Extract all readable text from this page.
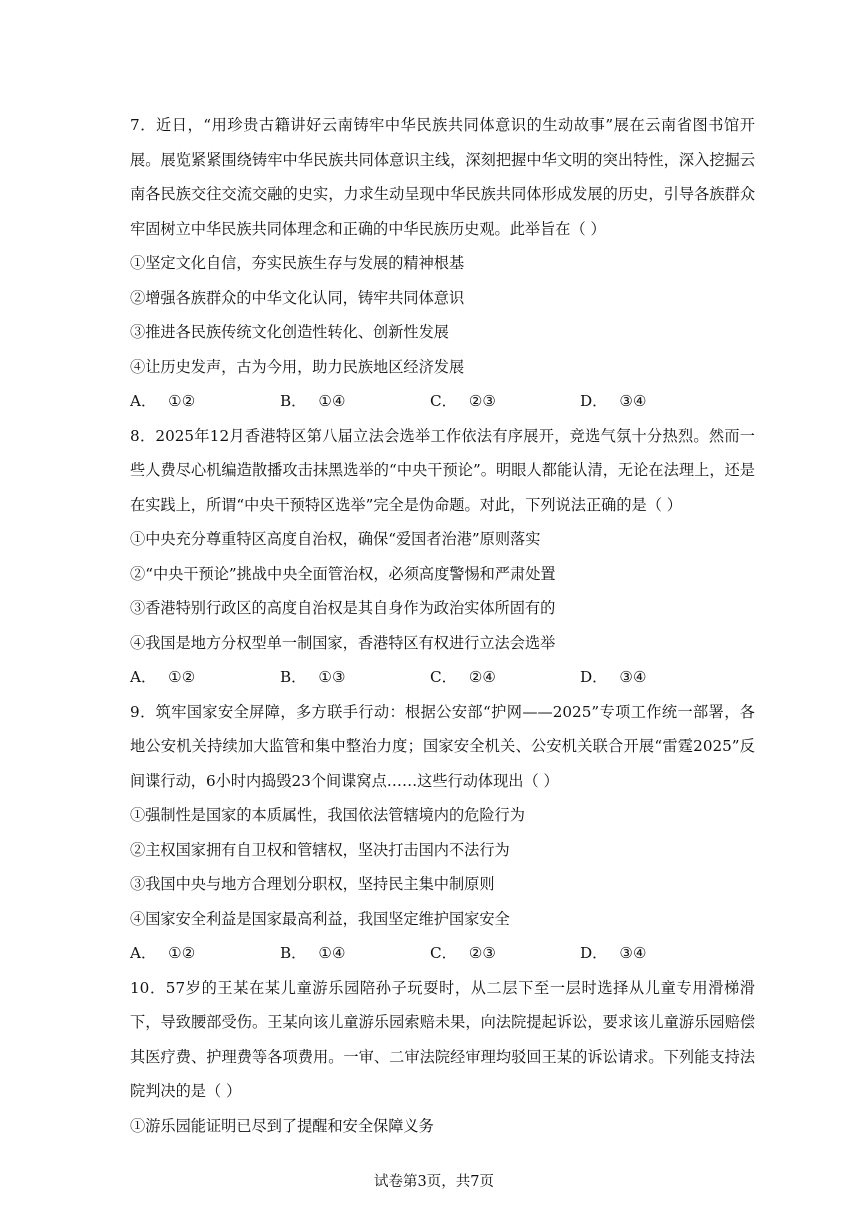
7．近日，“用珍贵古籍讲好云南铸牢中华民族共同体意识的生动故事”展在云南省图书馆开展。展览紧紧围绕铸牢中华民族共同体意识主线，深刻把握中华文明的突出特性，深入挖掘云南各民族交往交流交融的史实，力求生动呈现中华民族共同体形成发展的历史，引导各族群众牢固树立中华民族共同体理念和正确的中华民族历史观。此举旨在（ ）

①坚定文化自信，夯实民族生存与发展的精神根基

②增强各族群众的中华文化认同，铸牢共同体意识

③推进各民族传统文化创造性转化、创新性发展

④让历史发声，古为今用，助力民族地区经济发展

A． ①②	B． ①④	C． ②③	D． ③④

8．2025年12月香港特区第八届立法会选举工作依法有序展开，竞选气氛十分热烈。然而一些人费尽心机编造散播攻击抹黑选举的“中央干预论”。明眼人都能认清，无论在法理上，还是在实践上，所谓“中央干预特区选举”完全是伪命题。对此，下列说法正确的是（ ）

①中央充分尊重特区高度自治权，确保“爱国者治港”原则落实

②“中央干预论”挑战中央全面管治权，必须高度警惕和严肃处置

③香港特别行政区的高度自治权是其自身作为政治实体所固有的

④我国是地方分权型单一制国家，香港特区有权进行立法会选举

A． ①②	B． ①③	C． ②④	D． ③④

9．筑牢国家安全屏障，多方联手行动：根据公安部“护网——2025”专项工作统一部署，各地公安机关持续加大监管和集中整治力度；国家安全机关、公安机关联合开展“雷霆2025”反间谍行动，6小时内捣毁23个间谍窝点……这些行动体现出（ ）

①强制性是国家的本质属性，我国依法管辖境内的危险行为

②主权国家拥有自卫权和管辖权，坚决打击国内不法行为

③我国中央与地方合理划分职权，坚持民主集中制原则

④国家安全利益是国家最高利益，我国坚定维护国家安全

A． ①②	B． ①④	C． ②③	D． ③④

10．57岁的王某在某儿童游乐园陪孙子玩耍时，从二层下至一层时选择从儿童专用滑梯滑下，导致腰部受伤。王某向该儿童游乐园索赔未果，向法院提起诉讼，要求该儿童游乐园赔偿其医疗费、护理费等各项费用。一审、二审法院经审理均驳回王某的诉讼请求。下列能支持法院判决的是（ ）

①游乐园能证明已尽到了提醒和安全保障义务

试卷第3页，共7页
